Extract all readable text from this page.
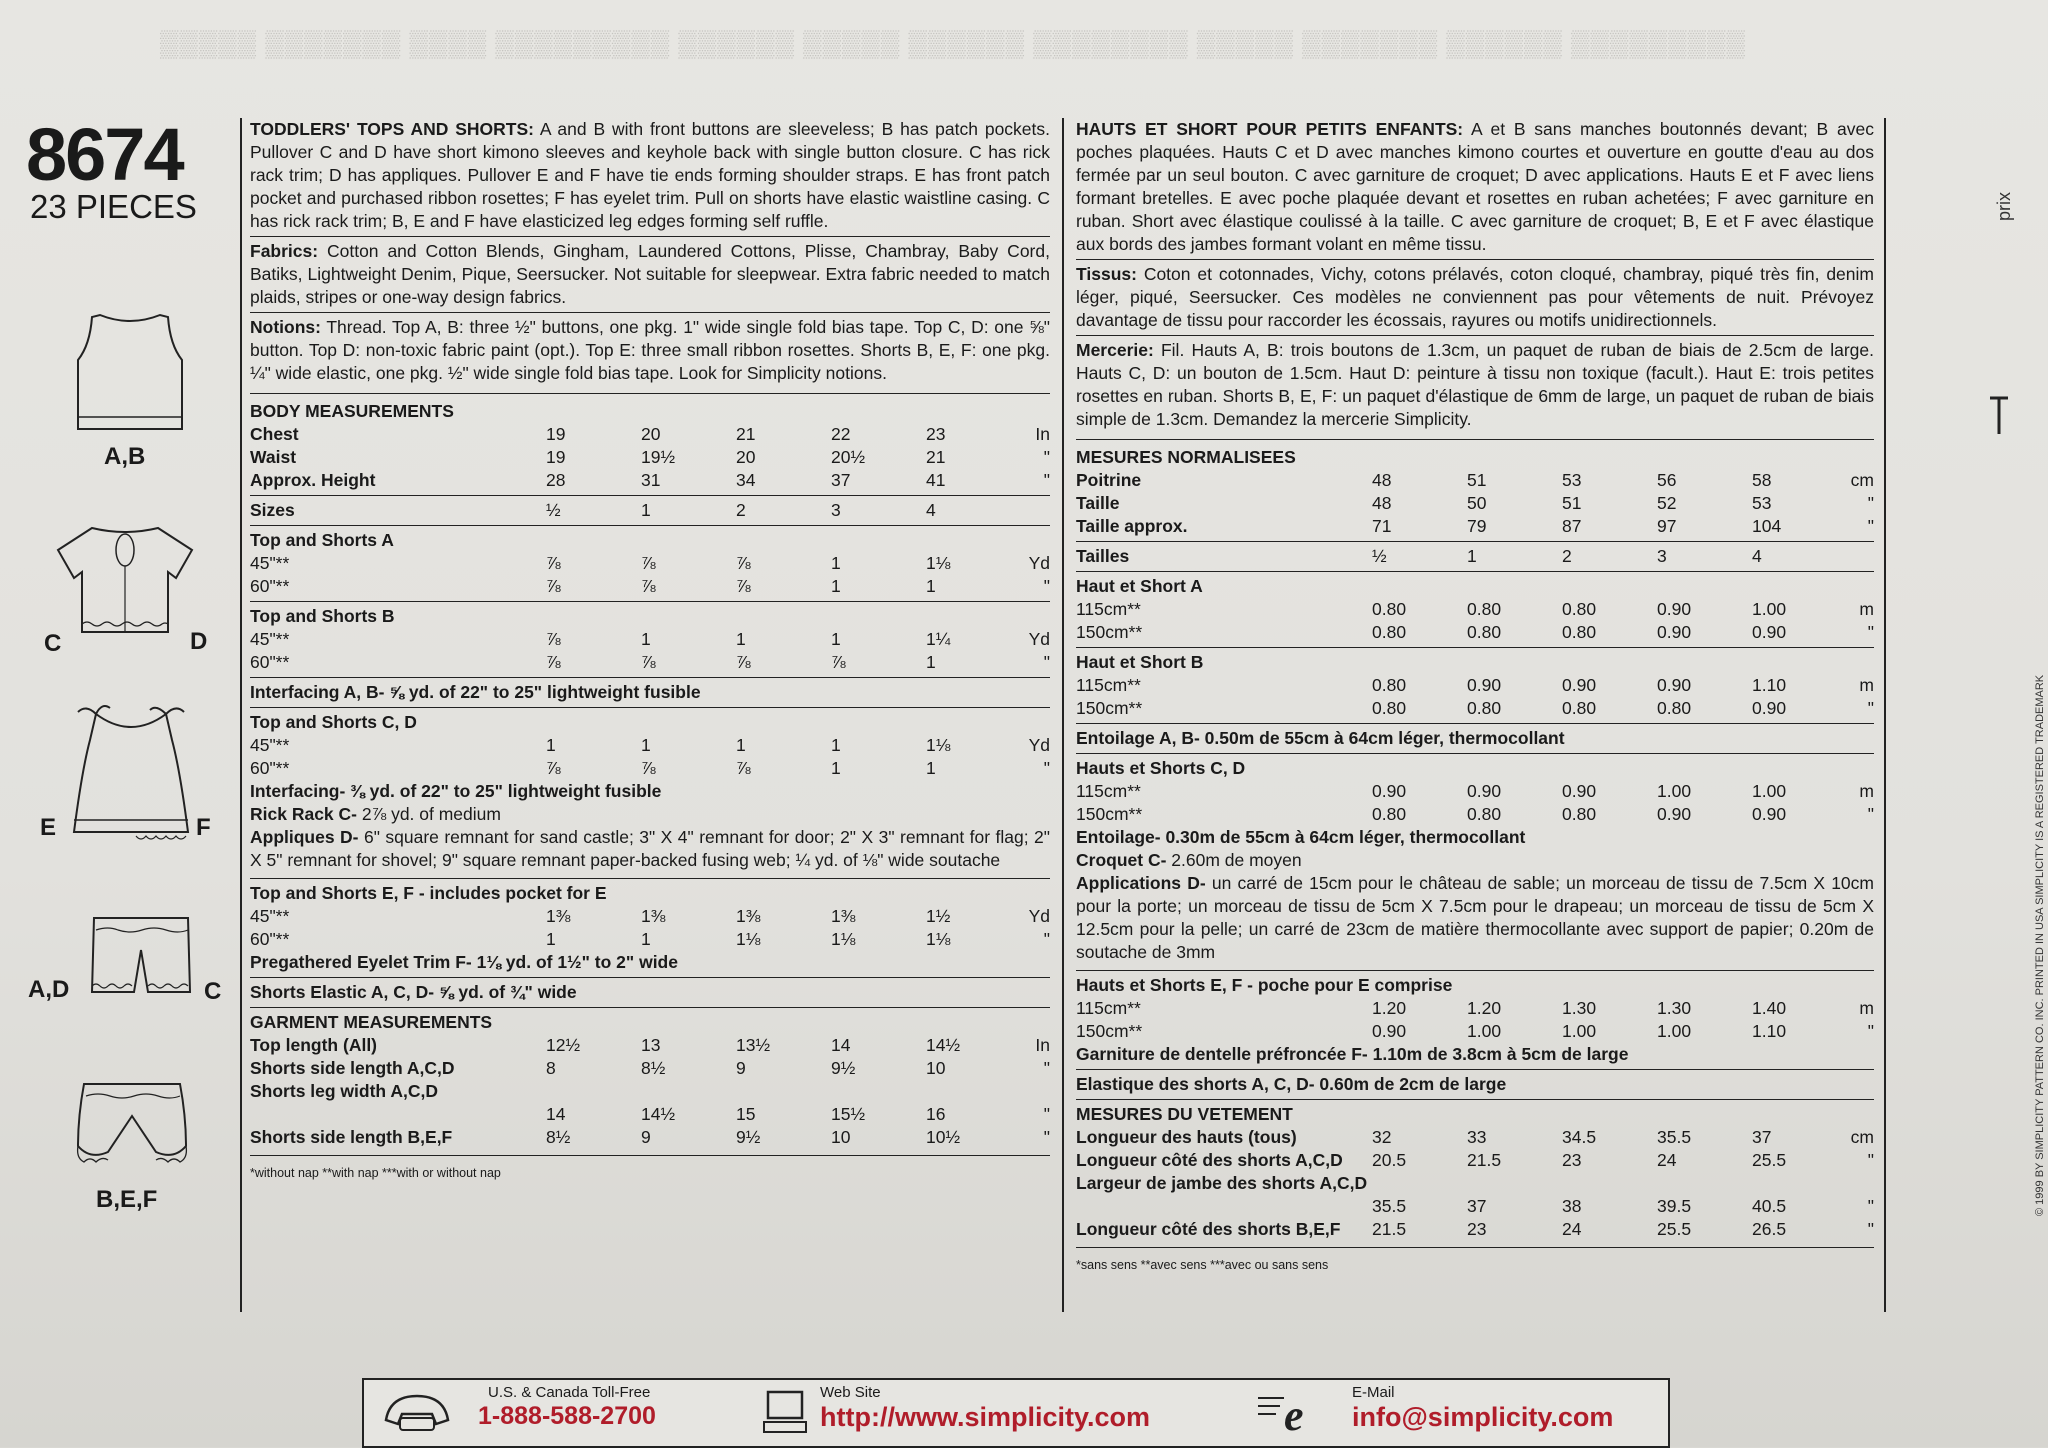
▒▒▒▒▒ ▒▒▒▒▒▒▒ ▒▒▒▒ ▒▒▒▒▒▒▒▒▒ ▒▒▒▒▒▒ ▒▒▒▒▒ ▒▒▒▒▒▒ ▒▒▒▒▒▒▒▒ ▒▒▒▒▒ ▒▒▒▒▒▒▒ ▒▒▒▒▒▒ ▒▒▒▒▒▒▒▒▒
8674
23 PIECES
A,B
C	D
E	F
A,D	C
B,E,F
TODDLERS' TOPS AND SHORTS: A and B with front buttons are sleeveless; B has patch pockets. Pullover C and D have short kimono sleeves and keyhole back with single button closure. C has rick rack trim; D has appliques. Pullover E and F have tie ends forming shoulder straps. E has front patch pocket and purchased ribbon rosettes; F has eyelet trim. Pull on shorts have elastic waistline casing. C has rick rack trim; B, E and F have elasticized leg edges forming self ruffle.
Fabrics: Cotton and Cotton Blends, Gingham, Laundered Cottons, Plisse, Chambray, Baby Cord, Batiks, Lightweight Denim, Pique, Seersucker. Not suitable for sleepwear. Extra fabric needed to match plaids, stripes or one-way design fabrics.
Notions: Thread. Top A, B: three ½" buttons, one pkg. 1" wide single fold bias tape. Top C, D: one ⅝" button. Top D: non-toxic fabric paint (opt.). Top E: three small ribbon rosettes. Shorts B, E, F: one pkg. ¼" wide elastic, one pkg. ½" wide single fold bias tape. Look for Simplicity notions.
BODY MEASUREMENTS
Chest	19	20	21	22	23	In
Waist	19	19½	20	20½	21	"
Approx. Height	28	31	34	37	41	"
Sizes	½	1	2	3	4	
Top and Shorts A
45"**	⅞	⅞	⅞	1	1⅛	Yd
60"**	⅞	⅞	⅞	1	1	"
Top and Shorts B
45"**	⅞	1	1	1	1¼	Yd
60"**	⅞	⅞	⅞	⅞	1	"
Interfacing A, B- ⅝ yd. of 22" to 25" lightweight fusible
Top and Shorts C, D
45"**	1	1	1	1	1⅛	Yd
60"**	⅞	⅞	⅞	1	1	"
Interfacing- ⅜ yd. of 22" to 25" lightweight fusible
Rick Rack C- 2⅞ yd. of medium
Appliques D- 6" square remnant for sand castle; 3" X 4" remnant for door; 2" X 3" remnant for flag; 2" X 5" remnant for shovel; 9" square remnant paper-backed fusing web; ¼ yd. of ⅛" wide soutache
Top and Shorts E, F - includes pocket for E
45"**	1⅜	1⅜	1⅜	1⅜	1½	Yd
60"**	1	1	1⅛	1⅛	1⅛	"
Pregathered Eyelet Trim F- 1⅛ yd. of 1½" to 2" wide
Shorts Elastic A, C, D- ⅝ yd. of ¾" wide
GARMENT MEASUREMENTS
Top length (All)	12½	13	13½	14	14½	In
Shorts side length A,C,D	8	8½	9	9½	10	"
Shorts leg width A,C,D						
	14	14½	15	15½	16	"
Shorts side length B,E,F	8½	9	9½	10	10½	"
*without nap **with nap ***with or without nap
HAUTS ET SHORT POUR PETITS ENFANTS: A et B sans manches boutonnés devant; B avec poches plaquées. Hauts C et D avec manches kimono courtes et ouverture en goutte d'eau au dos fermée par un seul bouton. C avec garniture de croquet; D avec applications. Hauts E et F avec liens formant bretelles. E avec poche plaquée devant et rosettes en ruban achetées; F avec garniture en ruban. Short avec élastique coulissé à la taille. C avec garniture de croquet; B, E et F avec élastique aux bords des jambes formant volant en même tissu.
Tissus: Coton et cotonnades, Vichy, cotons prélavés, coton cloqué, chambray, piqué très fin, denim léger, piqué, Seersucker. Ces modèles ne conviennent pas pour vêtements de nuit. Prévoyez davantage de tissu pour raccorder les écossais, rayures ou motifs unidirectionnels.
Mercerie: Fil. Hauts A, B: trois boutons de 1.3cm, un paquet de ruban de biais de 2.5cm de large. Hauts C, D: un bouton de 1.5cm. Haut D: peinture à tissu non toxique (facult.). Haut E: trois petites rosettes en ruban. Shorts B, E, F: un paquet d'élastique de 6mm de large, un paquet de ruban de biais simple de 1.3cm. Demandez la mercerie Simplicity.
MESURES NORMALISEES
Poitrine	48	51	53	56	58	cm
Taille	48	50	51	52	53	"
Taille approx.	71	79	87	97	104	"
Tailles	½	1	2	3	4	
Haut et Short A
115cm**	0.80	0.80	0.80	0.90	1.00	m
150cm**	0.80	0.80	0.80	0.90	0.90	"
Haut et Short B
115cm**	0.80	0.90	0.90	0.90	1.10	m
150cm**	0.80	0.80	0.80	0.80	0.90	"
Entoilage A, B- 0.50m de 55cm à 64cm léger, thermocollant
Hauts et Shorts C, D
115cm**	0.90	0.90	0.90	1.00	1.00	m
150cm**	0.80	0.80	0.80	0.90	0.90	"
Entoilage- 0.30m de 55cm à 64cm léger, thermocollant
Croquet C- 2.60m de moyen
Applications D- un carré de 15cm pour le château de sable; un morceau de tissu de 7.5cm X 10cm pour la porte; un morceau de tissu de 5cm X 7.5cm pour le drapeau; un morceau de tissu de 5cm X 12.5cm pour la pelle; un carré de 23cm de matière thermocollante avec support de papier; 0.20m de soutache de 3mm
Hauts et Shorts E, F - poche pour E comprise
115cm**	1.20	1.20	1.30	1.30	1.40	m
150cm**	0.90	1.00	1.00	1.00	1.10	"
Garniture de dentelle préfroncée F- 1.10m de 3.8cm à 5cm de large
Elastique des shorts A, C, D- 0.60m de 2cm de large
MESURES DU VETEMENT
Longueur des hauts (tous)	32	33	34.5	35.5	37	cm
Longueur côté des shorts A,C,D	20.5	21.5	23	24	25.5	"
Largeur de jambe des shorts A,C,D						
	35.5	37	38	39.5	40.5	"
Longueur côté des shorts B,E,F	21.5	23	24	25.5	26.5	"
*sans sens **avec sens ***avec ou sans sens
prix
© 1999 BY SIMPLICITY PATTERN CO. INC. PRINTED IN USA SIMPLICITY IS A REGISTERED TRADEMARK
U.S. & Canada Toll-Free
1-888-588-2700
Web Site
http://www.simplicity.com	e	E-Mail
info@simplicity.com
